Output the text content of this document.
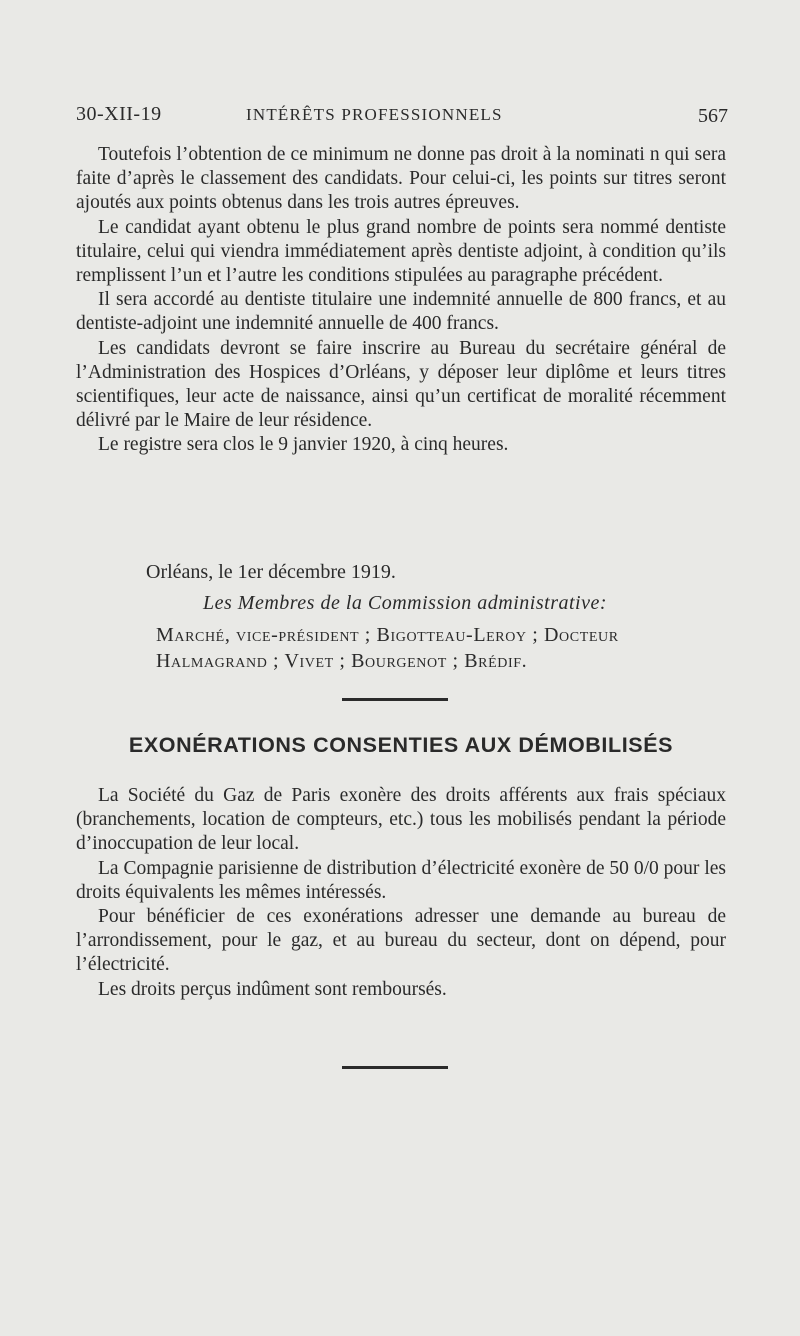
30-XII-19	INTÉRÊTS PROFESSIONNELS	567

Toutefois l’obtention de ce minimum ne donne pas droit à la nominati n qui sera faite d’après le classement des candidats. Pour celui-ci, les points sur titres seront ajoutés aux points obtenus dans les trois autres épreuves.

Le candidat ayant obtenu le plus grand nombre de points sera nommé dentiste titulaire, celui qui viendra immédiatement après dentiste adjoint, à condition qu’ils remplissent l’un et l’autre les conditions stipulées au paragraphe précédent.

Il sera accordé au dentiste titulaire une indemnité annuelle de 800 francs, et au dentiste-adjoint une indemnité annuelle de 400 francs.

Les candidats devront se faire inscrire au Bureau du secrétaire général de l’Administration des Hospices d’Orléans, y déposer leur diplôme et leurs titres scientifiques, leur acte de naissance, ainsi qu’un certificat de moralité récemment délivré par le Maire de leur résidence.

Le registre sera clos le 9 janvier 1920, à cinq heures.

Orléans, le 1er décembre 1919.
Les Membres de la Commission administrative:
Marché, vice-président ; Bigotteau-Leroy ; Docteur
Halmagrand ; Vivet ; Bourgenot ; Brédif.
EXONÉRATIONS CONSENTIES AUX DÉMOBILISÉS

La Société du Gaz de Paris exonère des droits afférents aux frais spéciaux (branchements, location de compteurs, etc.) tous les mobilisés pendant la période d’inoccupation de leur local.

La Compagnie parisienne de distribution d’électricité exonère de 50 0/0 pour les droits équivalents les mêmes intéressés.

Pour bénéficier de ces exonérations adresser une demande au bureau de l’arrondissement, pour le gaz, et au bureau du secteur, dont on dépend, pour l’électricité.

Les droits perçus indûment sont remboursés.
